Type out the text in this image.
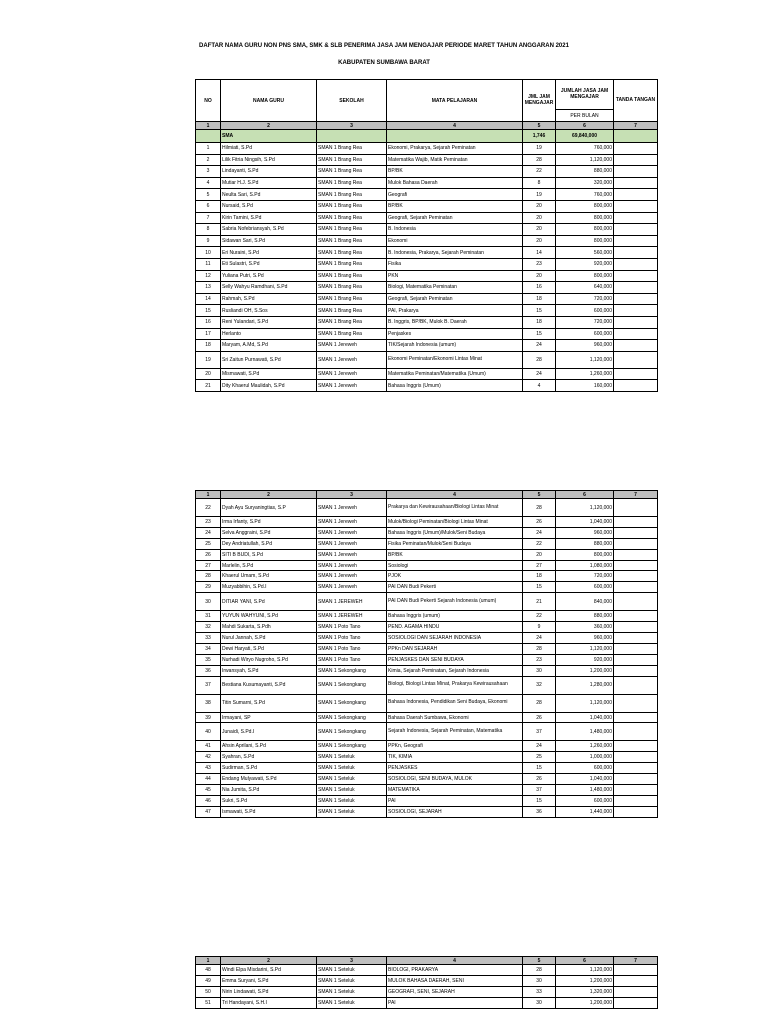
DAFTAR NAMA GURU NON PNS SMA, SMK & SLB PENERIMA JASA JAM MENGAJAR PERIODE MARET TAHUN ANGGARAN 2021
KABUPATEN SUMBAWA BARAT
NO	NAMA GURU	SEKOLAH	MATA PELAJARAN	JML JAM MENGAJAR	JUMLAH JASA JAM MENGAJAR	TANDA TANGAN
					PER BULAN	
1	2	3	4	5	6	7
	SMA			1,746	69,840,000	
1	Hilmiati, S.Pd	SMAN 1 Brang Rea	Ekonomi, Prakarya, Sejarah Peminatan	19	760,000	
2	Lilik Fitria Ningsih, S.Pd	SMAN 1 Brang Rea	Matematika Wajib, Matik Peminatan	28	1,120,000	
3	Lindayanti, S.Pd	SMAN 1 Brang Rea	BP/BK	22	880,000	
4	Mutiar H.J. S.Pd	SMAN 1 Brang Rea	Mulok Bahasa Daerah	8	320,000	
5	Neulta Sari, S.Pd	SMAN 1 Brang Rea	Geografi	19	760,000	
6	Nursaid, S.Pd	SMAN 1 Brang Rea	BP/BK	20	800,000	
7	Kirin Tamini, S.Pd	SMAN 1 Brang Rea	Geografi, Sejarah Peminatan	20	800,000	
8	Sabria Nofebriansyah, S.Pd	SMAN 1 Brang Rea	B. Indonesia	20	800,000	
9	Sidawan Sari, S.Pd	SMAN 1 Brang Rea	Ekonomi	20	800,000	
10	Eri Nuraini, S.Pd	SMAN 1 Brang Rea	B. Indonesia, Prakarya, Sejarah Peminatan	14	560,000	
11	Eti Sulastri, S.Pd	SMAN 1 Brang Rea	Fisika	23	920,000	
12	Yuliana Putri, S.Pd	SMAN 1 Brang Rea	PKN	20	800,000	
13	Selly Wahyu Ramdhani, S.Pd	SMAN 1 Brang Rea	Biologi, Matematika Peminatan	16	640,000	
14	Rahmah, S.Pd	SMAN 1 Brang Rea	Geografi, Sejarah Peminatan	18	720,000	
15	Rusliandi OH, S.Sos	SMAN 1 Brang Rea	PAI, Prakarya	15	600,000	
16	Reni Yulandari, S.Pd	SMAN 1 Brang Rea	B. Inggris, BP/BK, Mulok B. Daerah	18	720,000	
17	Herlanto	SMAN 1 Brang Rea	Penjaskes	15	600,000	
18	Maryam, A.Md, S.Pd	SMAN 1 Jereweh	TIK/Sejarah Indonesia (umum)	24	960,000	
19	Sri Zaitun Purnawati, S.Pd	SMAN 1 Jereweh	Ekonomi Peminatan/Ekonomi Lintas Minat	28	1,120,000	
20	Mismawati, S.Pd	SMAN 1 Jereweh	Matematika Peminatan/Matematika (Umum)	24	1,260,000	
21	Dity Khaerul Maulidah, S.Pd	SMAN 1 Jereweh	Bahasa Inggris (Umum)	4	160,000	
1	2	3	4	5	6	7
22	Dyah Ayu Suryaningtias, S.P	SMAN 1 Jereweh	Prakarya dan Kewirausahaan/Biologi Lintas Minat	28	1,120,000	
23	Irma Irfanty, S.Pd	SMAN 1 Jereweh	Mulok/Biologi Peminatan/Biologi Lintas Minat	26	1,040,000	
24	Selva Anggraini, S.Pd	SMAN 1 Jereweh	Bahasa Inggris (Umum)/Mulok/Seni Budaya	24	960,000	
25	Dey Andriatullah, S.Pd	SMAN 1 Jereweh	Fisika Peminatan/Mulok/Seni Budaya	22	880,000	
26	SITI B BUDI, S.Pd	SMAN 1 Jereweh	BP/BK	20	800,000	
27	Marlelin, S.Pd	SMAN 1 Jereweh	Sosiologi	27	1,080,000	
28	Khaerul Umam, S.Pd	SMAN 1 Jereweh	PJOK	18	720,000	
29	Muzyabbihin, S.Pd.I	SMAN 1 Jereweh	PAI DAN Budi Pekerti	15	600,000	
30	DITIAR YANI, S.Pd	SMAN 1 JEREWEH	PAI DAN Budi Pekerti Sejarah Indonesia (umum)	21	840,000	
31	YUYUN WAHYUNI, S.Pd	SMAN 1 JEREWEH	Bahasa Inggris (umum)	22	880,000	
32	Mahdi Sukarta, S.Pdh	SMAN 1 Poto Tano	PEND. AGAMA HINDU	9	360,000	
33	Nurul Jannah, S.Pd	SMAN 1 Poto Tano	SOSIOLOGI DAN SEJARAH INDONESIA	24	960,000	
34	Dewi Haryati, S.Pd	SMAN 1 Poto Tano	PPKn DAN SEJARAH	28	1,120,000	
35	Nurhadi Wiryo Nugroho, S.Pd	SMAN 1 Poto Tano	PENJASKES DAN SENI BUDAYA	23	920,000	
36	Irwansyah, S.Pd	SMAN 1 Sekongkang	Kimia, Sejarah Peminatan, Sejarah Indonesia	30	1,200,000	
37	Bestiana Kusumayanti, S.Pd	SMAN 1 Sekongkang	Biologi, Biologi Lintas Minat, Prakarya Kewirausahaan	32	1,280,000	
38	Titin Sumarni, S.Pd	SMAN 1 Sekongkang	Bahasa Indonesia, Pendidikan Seni Budaya, Ekonomi	28	1,120,000	
39	Irmayani, SP	SMAN 1 Sekongkang	Bahasa Daerah Sumbawa, Ekonomi	26	1,040,000	
40	Junaidi, S.Pd.I	SMAN 1 Sekongkang	Sejarah Indonesia, Sejarah Peminatan, Matematika	37	1,480,000	
41	Ahsin Aprilani, S.Pd	SMAN 1 Sekongkang	PPKn, Geografi	24	1,260,000	
42	Syahran, S.Pd	SMAN 1 Seteluk	TIK, KIMIA	25	1,000,000	
43	Sudirman, S.Pd	SMAN 1 Seteluk	PENJASKES	15	600,000	
44	Endang Mulyawati, S.Pd	SMAN 1 Seteluk	SOSIOLOGI, SENI BUDAYA, MULOK	26	1,040,000	
45	Nia Jumita, S.Pd	SMAN 1 Seteluk	MATEMATIKA	37	1,480,000	
46	Sukri, S.Pd	SMAN 1 Seteluk	PAI	15	600,000	
47	Ismawati, S.Pd	SMAN 1 Seteluk	SOSIOLOGI, SEJARAH	36	1,440,000	
1	2	3	4	5	6	7
48	Windi Elpa Misdarini, S.Pd	SMAN 1 Seteluk	BIOLOGI, PRAKARYA	28	1,120,000	
49	Emma Suryani, S.Pd	SMAN 1 Seteluk	MULOK BAHASA DAERAH, SENI	30	1,200,000	
50	Nirin Lindawati, S.Pd	SMAN 1 Seteluk	GEOGRAFI, SENI, SEJARAH	33	1,320,000	
51	Tri Handayani, S.H.I	SMAN 1 Seteluk	PAI	30	1,200,000	
